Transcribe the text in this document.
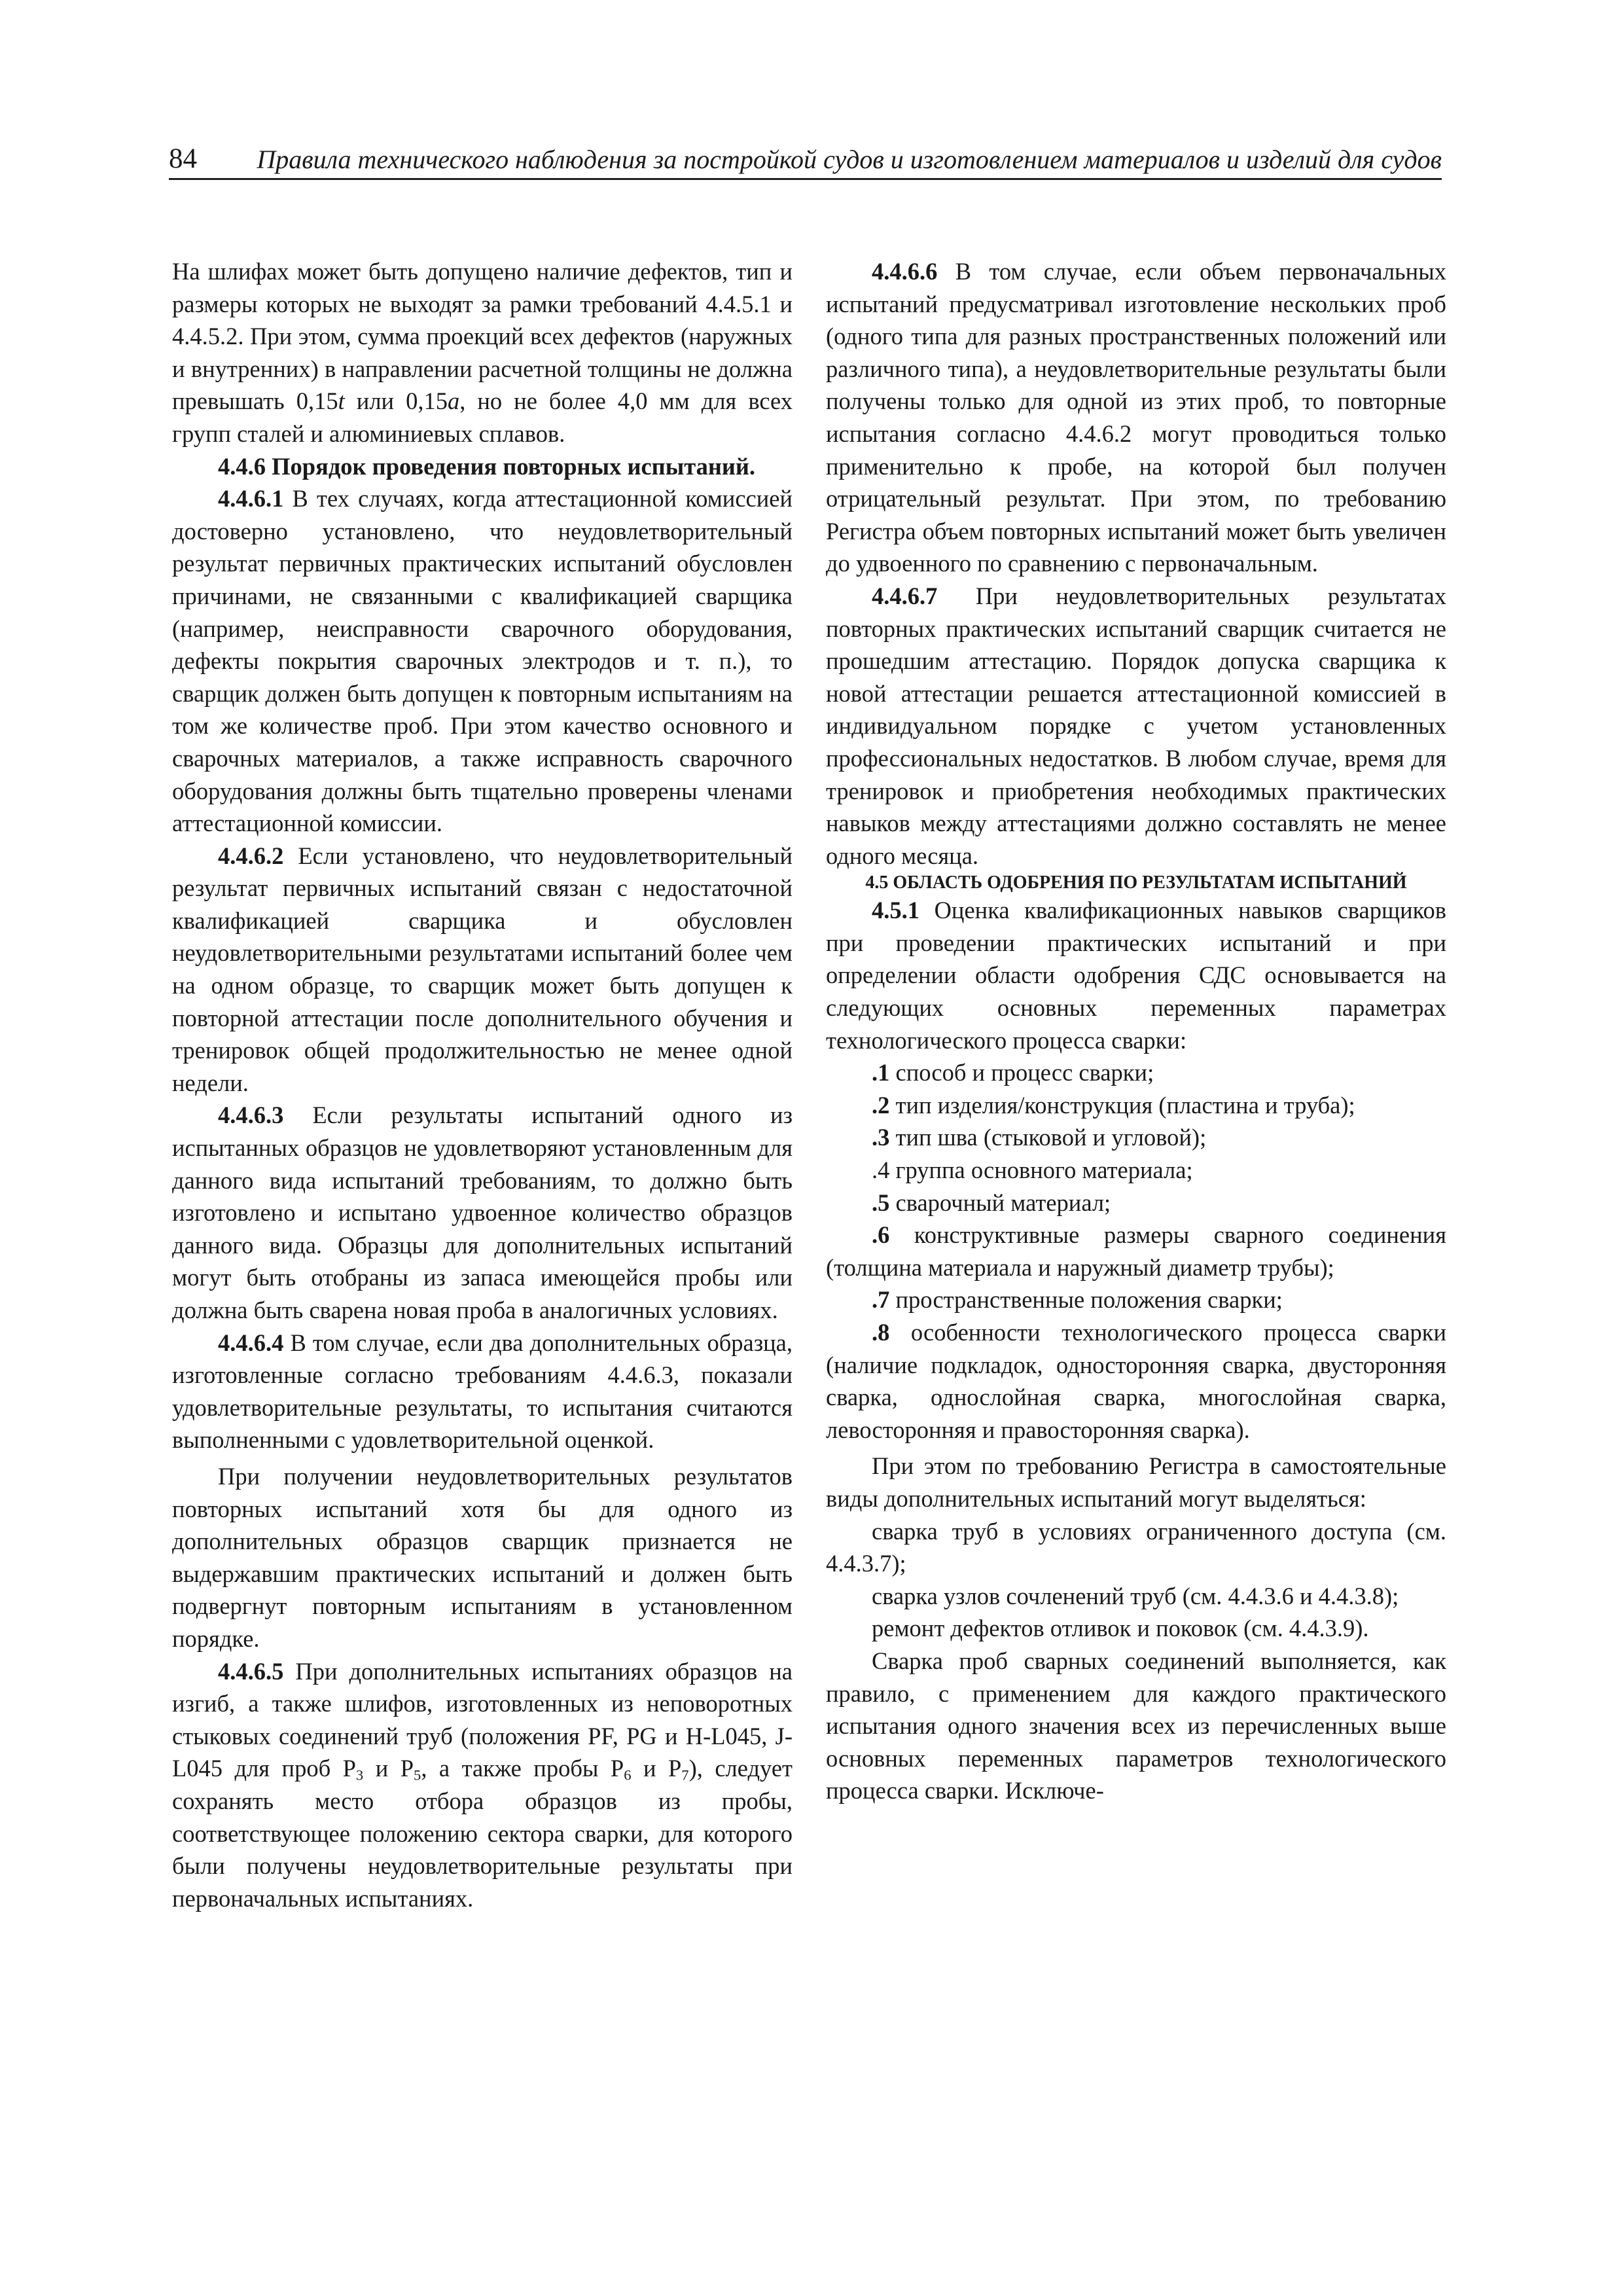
84 Правила технического наблюдения за постройкой судов и изготовлением материалов и изделий для судов

На шлифах может быть допущено наличие дефектов, тип и размеры которых не выходят за рамки требований 4.4.5.1 и 4.4.5.2. При этом, сумма проекций всех дефектов (наружных и внутренних) в направлении расчетной толщины не должна превышать 0,15t или 0,15a, но не более 4,0 мм для всех групп сталей и алюминиевых сплавов.

4.4.6 Порядок проведения повторных испытаний.

4.4.6.1 В тех случаях, когда аттестационной комиссией достоверно установлено, что неудовлетворительный результат первичных практических испытаний обусловлен причинами, не связанными с квалификацией сварщика (например, неисправности сварочного оборудования, дефекты покрытия сварочных электродов и т. п.), то сварщик должен быть допущен к повторным испытаниям на том же количестве проб. При этом качество основного и сварочных материалов, а также исправность сварочного оборудования должны быть тщательно проверены членами аттестационной комиссии.

4.4.6.2 Если установлено, что неудовлетворительный результат первичных испытаний связан с недостаточной квалификацией сварщика и обусловлен неудовлетворительными результатами испытаний более чем на одном образце, то сварщик может быть допущен к повторной аттестации после дополнительного обучения и тренировок общей продолжительностью не менее одной недели.

4.4.6.3 Если результаты испытаний одного из испытанных образцов не удовлетворяют установленным для данного вида испытаний требованиям, то должно быть изготовлено и испытано удвоенное количество образцов данного вида. Образцы для дополнительных испытаний могут быть отобраны из запаса имеющейся пробы или должна быть сварена новая проба в аналогичных условиях.

4.4.6.4 В том случае, если два дополнительных образца, изготовленные согласно требованиям 4.4.6.3, показали удовлетворительные результаты, то испытания считаются выполненными с удовлетворительной оценкой.

При получении неудовлетворительных результатов повторных испытаний хотя бы для одного из дополнительных образцов сварщик признается не выдержавшим практических испытаний и должен быть подвергнут повторным испытаниям в установленном порядке.

4.4.6.5 При дополнительных испытаниях образцов на изгиб, а также шлифов, изготовленных из неповоротных стыковых соединений труб (положения PF, PG и H-L045, J-L045 для проб $P_3$ и $P_5$, а также пробы $P_6$ и $P_7$), следует сохранять место отбора образцов из пробы, соответствующее положению сектора сварки, для которого были получены неудовлетворительные результаты при первоначальных испытаниях.

4.4.6.6 В том случае, если объем первоначальных испытаний предусматривал изготовление нескольких проб (одного типа для разных пространственных положений или различного типа), а неудовлетворительные результаты были получены только для одной из этих проб, то повторные испытания согласно 4.4.6.2 могут проводиться только применительно к пробе, на которой был получен отрицательный результат. При этом, по требованию Регистра объем повторных испытаний может быть увеличен до удвоенного по сравнению с первоначальным.

4.4.6.7 При неудовлетворительных результатах повторных практических испытаний сварщик считается не прошедшим аттестацию. Порядок допуска сварщика к новой аттестации решается аттестационной комиссией в индивидуальном порядке с учетом установленных профессиональных недостатков. В любом случае, время для тренировок и приобретения необходимых практических навыков между аттестациями должно составлять не менее одного месяца.

4.5 ОБЛАСТЬ ОДОБРЕНИЯ ПО РЕЗУЛЬТАТАМ ИСПЫТАНИЙ

4.5.1 Оценка квалификационных навыков сварщиков при проведении практических испытаний и при определении области одобрения СДС основывается на следующих основных переменных параметрах технологического процесса сварки:

.1 способ и процесс сварки;

.2 тип изделия/конструкция (пластина и труба);

.3 тип шва (стыковой и угловой);

.4 группа основного материала;

.5 сварочный материал;

.6 конструктивные размеры сварного соединения (толщина материала и наружный диаметр трубы);

.7 пространственные положения сварки;

.8 особенности технологического процесса сварки (наличие подкладок, односторонняя сварка, двусторонняя сварка, однослойная сварка, многослойная сварка, левосторонняя и правосторонняя сварка).

При этом по требованию Регистра в самостоятельные виды дополнительных испытаний могут выделяться:

сварка труб в условиях ограниченного доступа (см. 4.4.3.7);

сварка узлов сочленений труб (см. 4.4.3.6 и 4.4.3.8);

ремонт дефектов отливок и поковок (см. 4.4.3.9).

Сварка проб сварных соединений выполняется, как правило, с применением для каждого практического испытания одного значения всех из перечисленных выше основных переменных параметров технологического процесса сварки. Исключе-
